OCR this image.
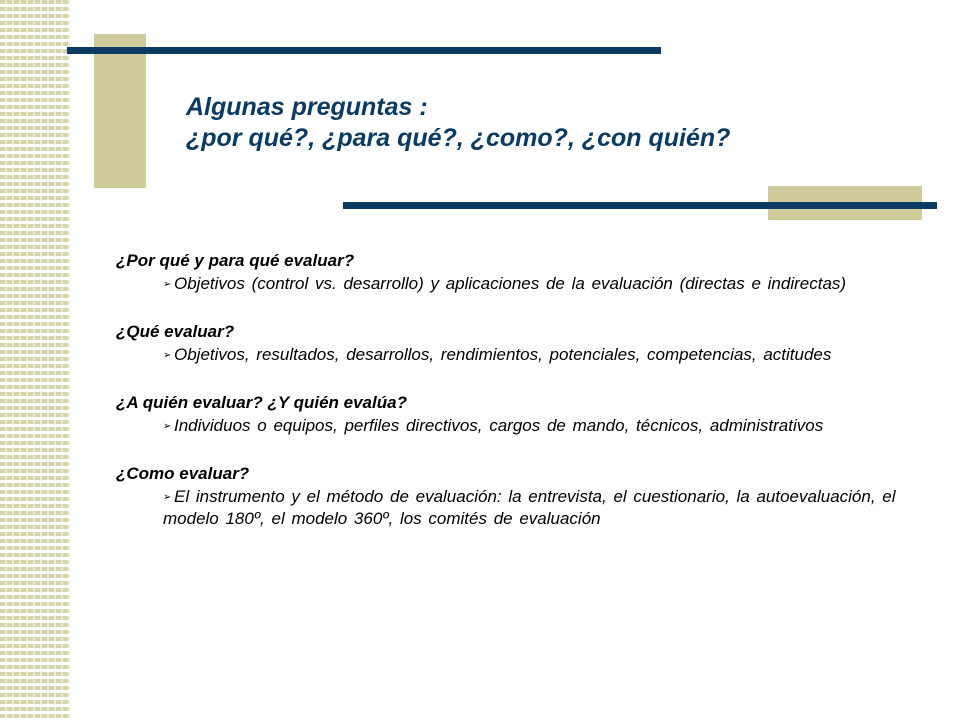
Algunas preguntas :
¿por qué?, ¿para qué?, ¿como?, ¿con quién?
¿Por qué y para qué evaluar?
➢ Objetivos (control vs. desarrollo) y aplicaciones de la evaluación (directas e indirectas)
¿Qué evaluar?
➢ Objetivos, resultados, desarrollos, rendimientos, potenciales, competencias, actitudes
¿A quién evaluar? ¿Y quién evalúa?
➢ Individuos o equipos, perfiles directivos, cargos de mando, técnicos, administrativos
¿Como evaluar?
➢ El instrumento y el método de evaluación: la entrevista, el cuestionario, la autoevaluación, el modelo 180º, el modelo 360º, los comités de evaluación
